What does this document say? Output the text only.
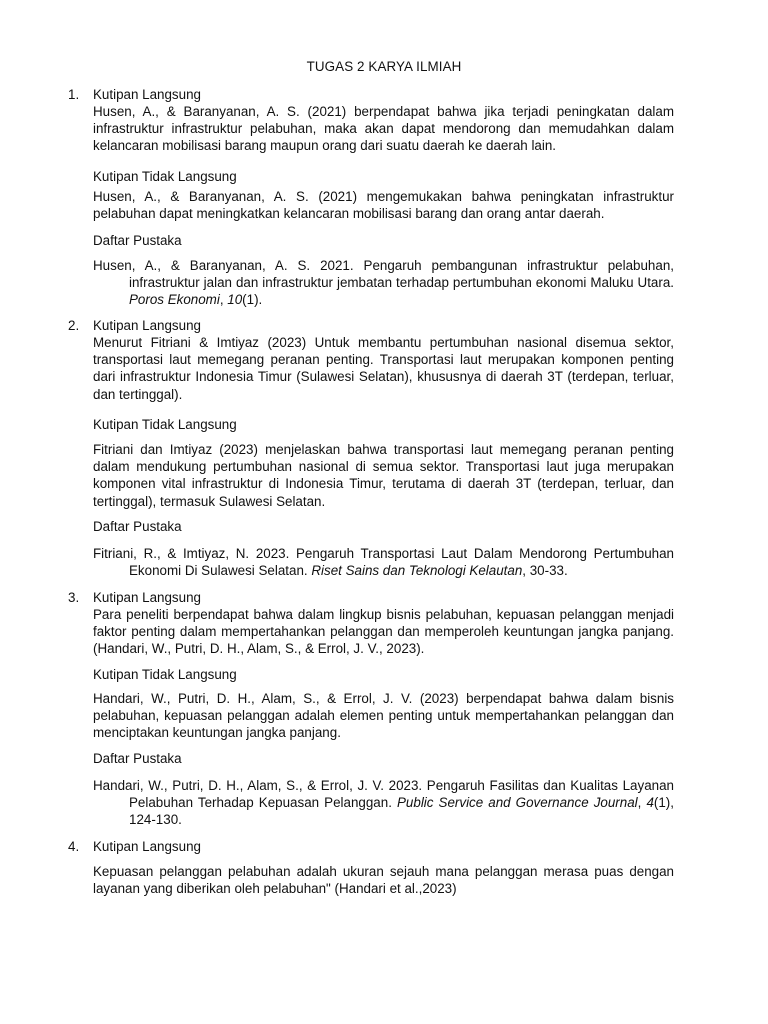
TUGAS 2 KARYA ILMIAH
1.	Kutipan Langsung

Husen, A., & Baranyanan, A. S. (2021) berpendapat bahwa jika terjadi peningkatan dalam infrastruktur infrastruktur pelabuhan, maka akan dapat mendorong dan memudahkan dalam kelancaran mobilisasi barang maupun orang dari suatu daerah ke daerah lain.

Kutipan Tidak Langsung

Husen, A., & Baranyanan, A. S. (2021) mengemukakan bahwa peningkatan infrastruktur pelabuhan dapat meningkatkan kelancaran mobilisasi barang dan orang antar daerah.

Daftar Pustaka

Husen, A., & Baranyanan, A. S. 2021. Pengaruh pembangunan infrastruktur pelabuhan, infrastruktur jalan dan infrastruktur jembatan terhadap pertumbuhan ekonomi Maluku Utara. Poros Ekonomi, 10(1).

2.	Kutipan Langsung

Menurut Fitriani & Imtiyaz (2023) Untuk membantu pertumbuhan nasional disemua sektor, transportasi laut memegang peranan penting. Transportasi laut merupakan komponen penting dari infrastruktur Indonesia Timur (Sulawesi Selatan), khususnya di daerah 3T (terdepan, terluar, dan tertinggal).

Kutipan Tidak Langsung

Fitriani dan Imtiyaz (2023) menjelaskan bahwa transportasi laut memegang peranan penting dalam mendukung pertumbuhan nasional di semua sektor. Transportasi laut juga merupakan komponen vital infrastruktur di Indonesia Timur, terutama di daerah 3T (terdepan, terluar, dan tertinggal), termasuk Sulawesi Selatan.

Daftar Pustaka

Fitriani, R., & Imtiyaz, N. 2023. Pengaruh Transportasi Laut Dalam Mendorong Pertumbuhan Ekonomi Di Sulawesi Selatan. Riset Sains dan Teknologi Kelautan, 30-33.

3.	Kutipan Langsung

Para peneliti berpendapat bahwa dalam lingkup bisnis pelabuhan, kepuasan pelanggan menjadi faktor penting dalam mempertahankan pelanggan dan memperoleh keuntungan jangka panjang. (Handari, W., Putri, D. H., Alam, S., & Errol, J. V., 2023).

Kutipan Tidak Langsung

Handari, W., Putri, D. H., Alam, S., & Errol, J. V. (2023) berpendapat bahwa dalam bisnis pelabuhan, kepuasan pelanggan adalah elemen penting untuk mempertahankan pelanggan dan menciptakan keuntungan jangka panjang.

Daftar Pustaka

Handari, W., Putri, D. H., Alam, S., & Errol, J. V. 2023. Pengaruh Fasilitas dan Kualitas Layanan Pelabuhan Terhadap Kepuasan Pelanggan. Public Service and Governance Journal, 4(1), 124-130.

4.	Kutipan Langsung

Kepuasan pelanggan pelabuhan adalah ukuran sejauh mana pelanggan merasa puas dengan layanan yang diberikan oleh pelabuhan" (Handari et al.,2023)
